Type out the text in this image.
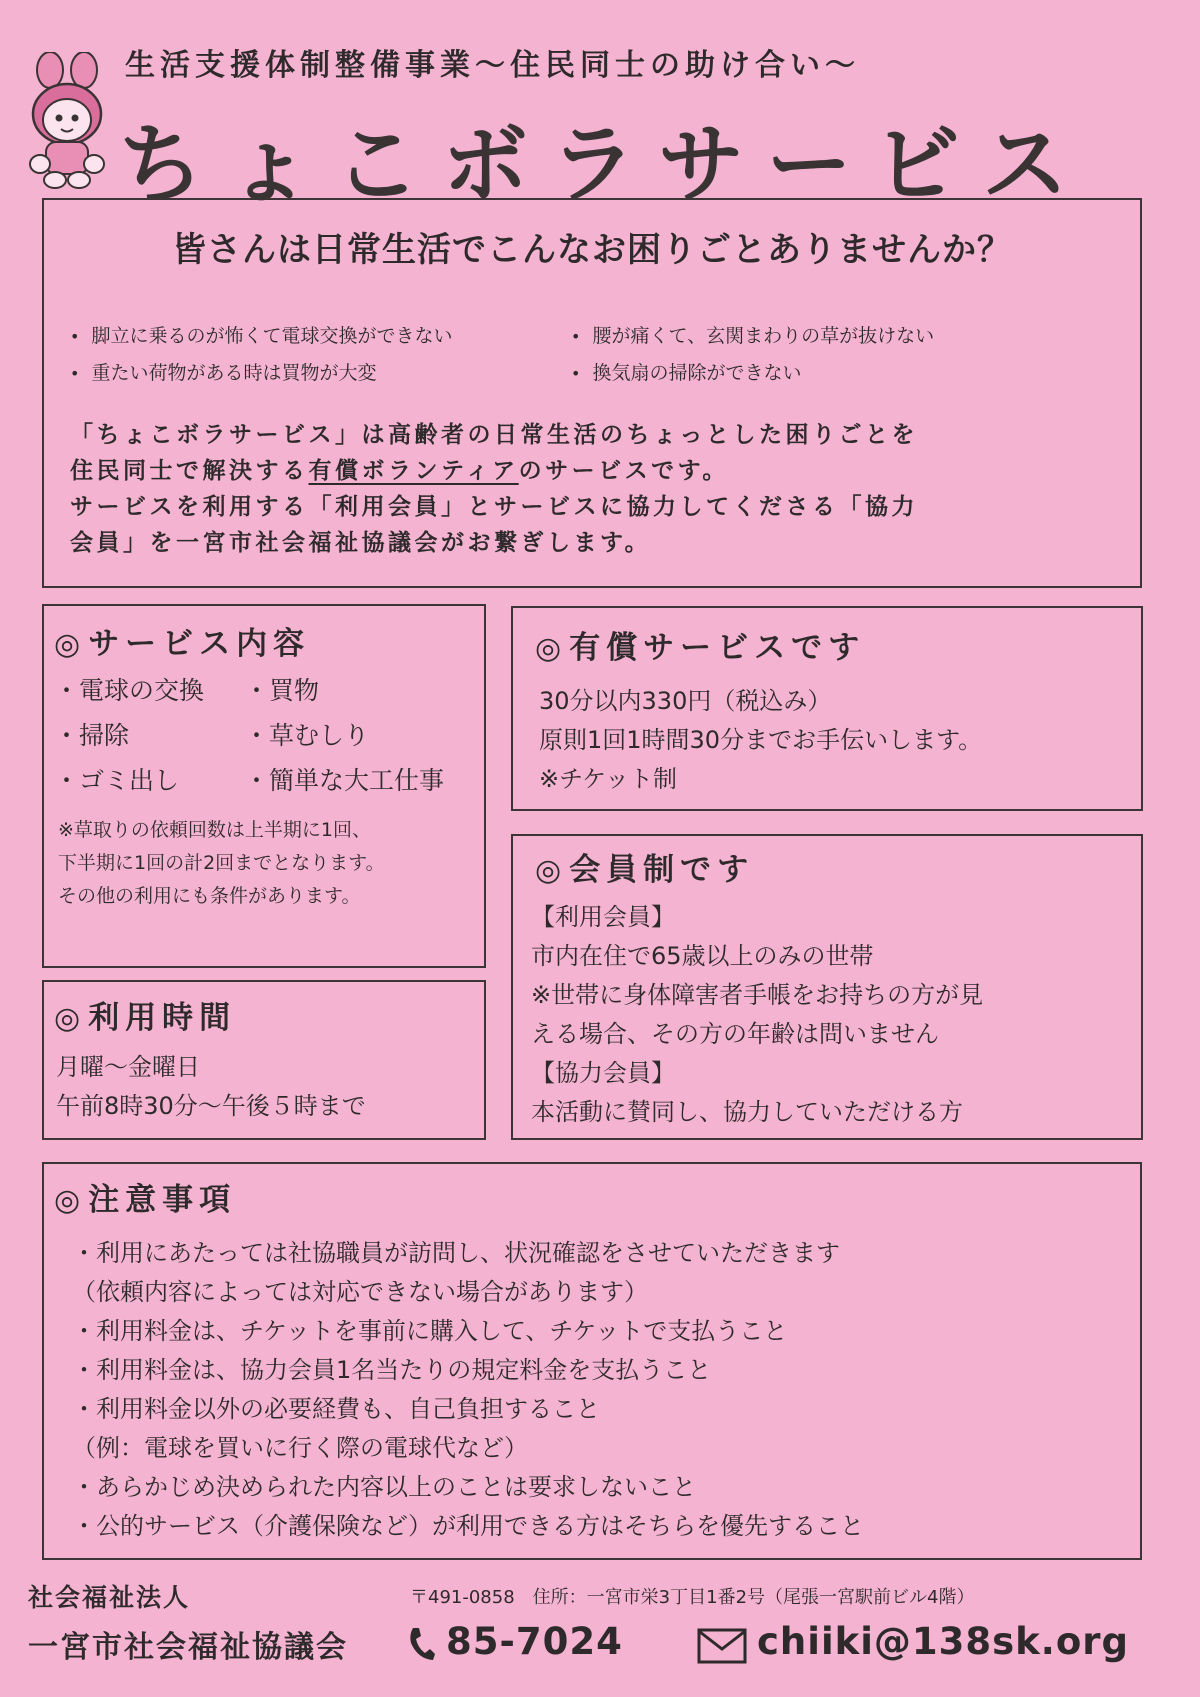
生活支援体制整備事業～住民同士の助け合い～
ちょこボラサービス
皆さんは日常生活でこんなお困りごとありませんか？
• 脚立に乗るのが怖くて電球交換ができない
• 重たい荷物がある時は買物が大変

• 腰が痛くて、玄関まわりの草が抜けない
• 換気扇の掃除ができない

「ちょこボラサービス」は高齢者の日常生活のちょっとした困りごとを

住民同士で解決する有償ボランティアのサービスです。

サービスを利用する「利用会員」とサービスに協力してくださる「協力

会員」を一宮市社会福祉協議会がお繋ぎします。

◎ サービス内容
・電球の交換 ・買物
・掃除	・草むしり
・ゴミ出し	・簡単な大工仕事
※草取りの依頼回数は上半期に1回、
下半期に1回の計2回までとなります。
その他の利用にも条件があります。
◎ 有償サービスです
30分以内330円（税込み）
原則1回1時間30分までお手伝いします。
※チケット制
◎ 利用時間
月曜～金曜日
午前8時30分～午後５時まで
◎ 会員制です
【利用会員】
市内在住で65歳以上のみの世帯
※世帯に身体障害者手帳をお持ちの方が見
える場合、その方の年齢は問いません
【協力会員】
本活動に賛同し、協力していただける方
◎ 注意事項
・利用にあたっては社協職員が訪問し、状況確認をさせていただきます
（依頼内容によっては対応できない場合があります）
・利用料金は、チケットを事前に購入して、チケットで支払うこと
・利用料金は、協力会員1名当たりの規定料金を支払うこと
・利用料金以外の必要経費も、自己負担すること
（例：電球を買いに行く際の電球代など）
・あらかじめ決められた内容以上のことは要求しないこと
・公的サービス（介護保険など）が利用できる方はそちらを優先すること
社会福祉法人
一宮市社会福祉協議会
〒491-0858　住所：一宮市栄3丁目1番2号（尾張一宮駅前ビル4階）
85-7024	chiiki@138sk.org
